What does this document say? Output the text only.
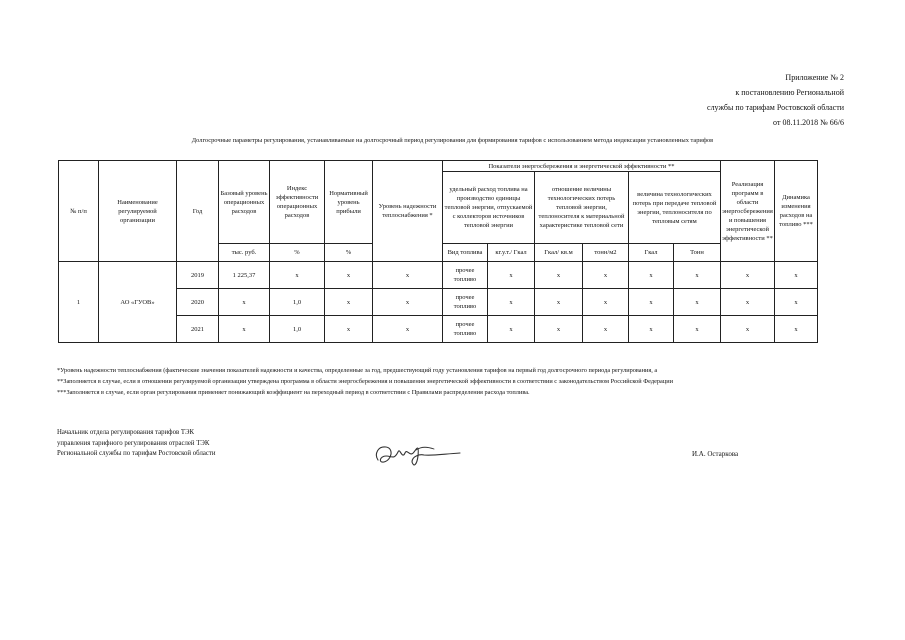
Приложение № 2
к постановлению Региональной
службы по тарифам Ростовской области
от 08.11.2018 № 66/6
Долгосрочные параметры регулирования, устанавливаемые на долгосрочный период регулирования для формирования тарифов с использованием метода индексации установленных тарифов
№ п/п	Наименование регулируемой организации	Год	Базовый уровень операционных расходов	Индекс эффективности операционных расходов	Нормативный уровень прибыли	Уровень надежности теплоснабжения *	Показатели энергосбережения и энергетической эффективности **						Реализация программ в области энергосбережения и повышения энергетической эффективности **	Динамика изменения расходов на топливо ***
							удельный расход топлива на производство единицы тепловой энергии, отпускаемой с коллекторов источников тепловой энергии		отношение величины технологических потерь тепловой энергии, теплоносителя к материальной характеристике тепловой сети		величина технологических потерь при передаче тепловой энергии, теплоносителя по тепловым сетям			
			тыс. руб.	%	%		Вид топлива	кг.у.т./ Гкал	Гкал/ кв.м	тонн/м2	Гкал	Тонн		
1	АО «ГУОВ»	2019	1 225,37	x	x	x	прочее топливо	x	x	x	x	x	x	x
		2020	x	1,0	x	x	прочее топливо	x	x	x	x	x	x	x
		2021	x	1,0	x	x	прочее топливо	x	x	x	x	x	x	x
*Уровень надежности теплоснабжения (фактические значения показателей надежности и качества, определенные за год, предшествующий году установления тарифов на первый год долгосрочного периода регулирования, а
**Заполняется в случае, если в отношении регулируемой организации утверждена программа в области энергосбережения и повышения энергетической эффективности в соответствии с законодательством Российской Федерации
***Заполняется в случае, если орган регулирования применяет понижающий коэффициент на переходный период в соответствии с Правилами распределения расхода топлива.
Начальник отдела регулирования тарифов ТЭК
управления тарифного регулирования отраслей ТЭК
Региональной службы по тарифам Ростовской области	И.А. Остаркова
